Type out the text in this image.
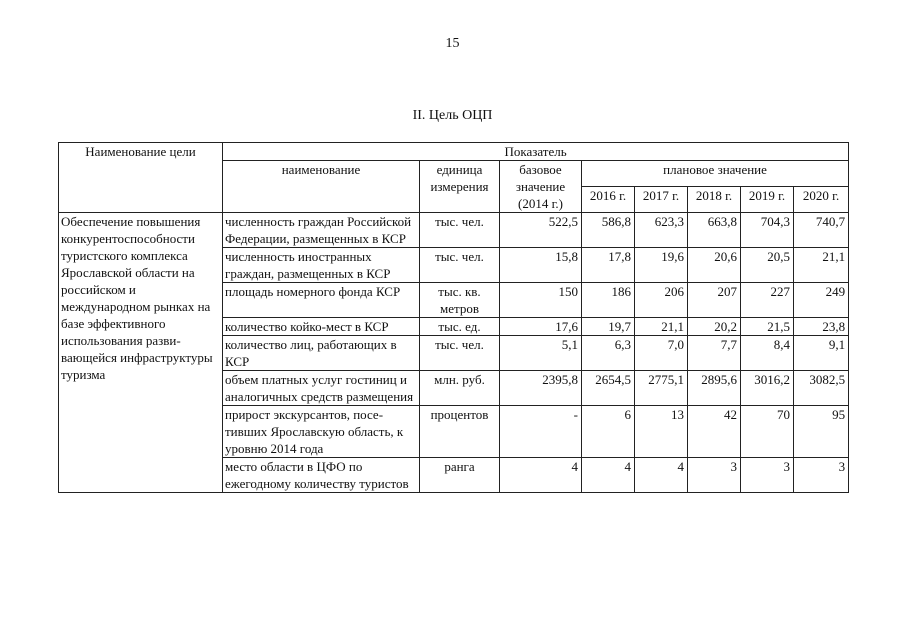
15
II. Цель ОЦП
Наименование цели	Показатель							
	наименование	единица измерения	базовое значение (2014 г.)	плановое значение				
				2016 г.	2017 г.	2018 г.	2019 г.	2020 г.
Обеспечение повышения конкурентоспособности туристского комплекса Ярославской области на российском и международном рынках на базе эффективного использования развивающейся инфраструктуры туризма	численность граждан Российской Федерации, размещенных в КСР	тыс. чел.	522,5	586,8	623,3	663,8	704,3	740,7
	численность иностранных граждан, размещенных в КСР	тыс. чел.	15,8	17,8	19,6	20,6	20,5	21,1
	площадь номерного фонда КСР	тыс. кв. метров	150	186	206	207	227	249
	количество койко-мест в КСР	тыс. ед.	17,6	19,7	21,1	20,2	21,5	23,8
	количество лиц, работающих в КСР	тыс. чел.	5,1	6,3	7,0	7,7	8,4	9,1
	объем платных услуг гостиниц и аналогичных средств размещения	млн. руб.	2395,8	2654,5	2775,1	2895,6	3016,2	3082,5
	прирост экскурсантов, посетивших Ярославскую область, к уровню 2014 года	процентов	-	6	13	42	70	95
	место области в ЦФО по ежегодному количеству туристов	ранга	4	4	4	3	3	3
